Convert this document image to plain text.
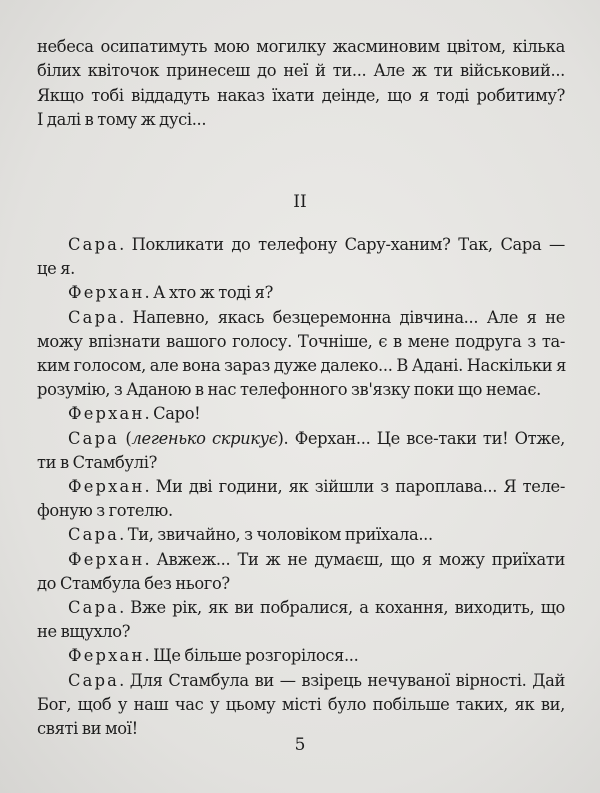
небеса осипатимуть мою могилку жасминовим цвітом, кілька
білих квіточок принесеш до неї й ти... Але ж ти військовий...
Якщо тобі віддадуть наказ їхати деінде, що я тоді робитиму?
І далі в тому ж дусі...
Сара. Покликати до телефону Сару-ханим? Так, Сара —
це я.
Ферхан. А хто ж тоді я?
Сара. Напевно, якась безцеремонна дівчина... Але я не
можу впізнати вашого голосу. Точніше, є в мене подруга з та-
ким голосом, але вона зараз дуже далеко... В Адані. Наскільки я
розумію, з Аданою в нас телефонного зв'язку поки що немає.
Ферхан. Саро!
Сара (легенько скрикує). Ферхан... Це все-таки ти! Отже,
ти в Стамбулі?
Ферхан. Ми дві години, як зійшли з пароплава... Я теле-
фоную з готелю.
Сара. Ти, звичайно, з чоловіком приїхала...
Ферхан. Авжеж... Ти ж не думаєш, що я можу приїхати
до Стамбула без нього?
Сара. Вже рік, як ви побралися, а кохання, виходить, що
не вщухло?
Ферхан. Ще більше розгорілося...
Сара. Для Стамбула ви — взірець нечуваної вірності. Дай
Бог, щоб у наш час у цьому місті було побільше таких, як ви,
святі ви мої!
II
5
